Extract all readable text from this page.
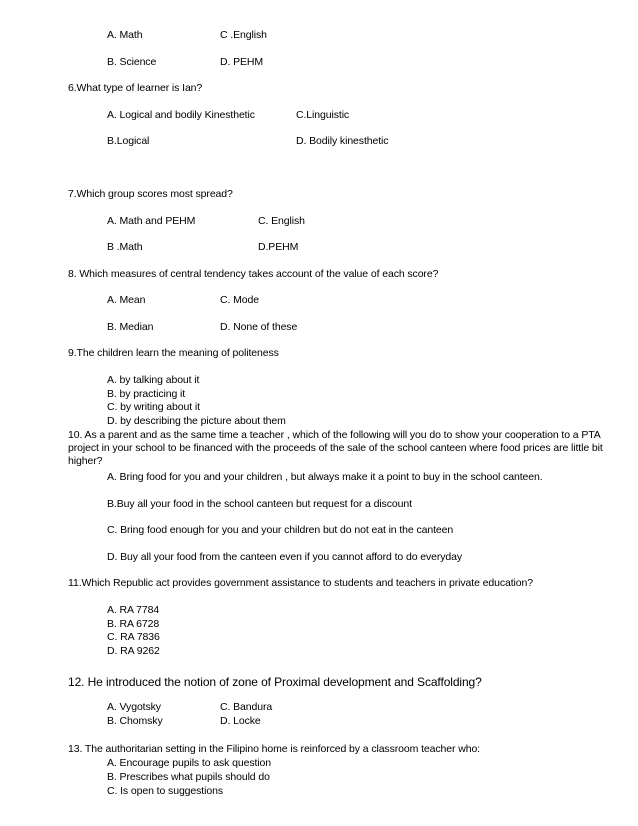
A. Math	C .English
B. Science	D. PEHM
6.What type of learner is Ian?
A. Logical and bodily Kinesthetic	C.Linguistic
B.Logical	D. Bodily kinesthetic
7.Which group scores most spread?
A. Math and PEHM	C. English
B .Math	D.PEHM
8. Which measures of central tendency takes account of the value of each score?
A. Mean	C. Mode
B. Median	D. None of these
9.The children learn the meaning of politeness
A. by talking about it
B. by practicing it
C. by writing about it
D. by describing the picture about them
10. As a parent and as the same time a teacher , which of the following will you do to show your cooperation to a PTA project in your school to be financed with the proceeds of the sale of the school canteen where food prices are little bit higher?
A. Bring food for you and your children , but always make it a point to buy in the school canteen.
B.Buy all your food in the school canteen but request for a discount
C. Bring food enough for you and your children but do not eat in the canteen
D. Buy all your food from the canteen even if you cannot afford to do everyday
11.Which Republic act provides government assistance to students and teachers in private education?
A. RA 7784
B. RA 6728
C. RA 7836
D. RA 9262
12. He introduced the notion of zone of Proximal development and Scaffolding?
A. Vygotsky	C. Bandura
B. Chomsky	D. Locke
13. The authoritarian setting in the Filipino home is reinforced by a classroom teacher who:
A. Encourage pupils to ask question
B. Prescribes what pupils should do
C. Is open to suggestions
